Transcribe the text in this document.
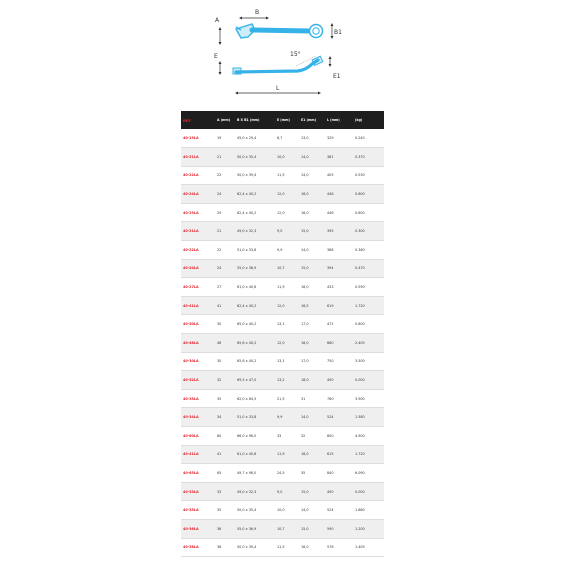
A
B
B1
E
E1
15°
L
REF	A (mm)	B X B1 (mm)	E (mm)	E1 (mm)	L (mm)	(kg)
40-19LA	19	45,0 x 29,4	8,7	13,0	329	0.240
40-21LA	21	50,0 x 35,4	10,0	14,0	381	0.370
40-22LA	22	50,0 x 39,4	11,5	14,0	405	0.530
40-24LA	24	62,4 x 40,2	12,0	16,0	446	0.600
40-29LA	29	62,4 x 40,2	12,0	16,0	446	0.600
40-21LA	21	49,0 x 32,3	9,0	15,0	395	0.300
40-22LA	22	51,0 x 33,8	9,9	14,0	368	0.360
40-24LA	24	55,0 x 36,9	10,7	15,0	394	0.470
40-27LA	27	61,0 x 40,6	11,9	16,0	433	0.590
40-41LA	41	62,4 x 40,2	12,0	16,5	619	1.720
40-30LA	30	65,0 x 40,2	13,1	17,0	472	0.800
40-46LA	46	65,6 x 40,2	12,0	16,0	680	2.405
40-30LA	30	65,6 x 40,2	13,1	17,0	750	3.500
40-32LA	32	69,5 x 47,0	13,2	18,0	490	0.000
40-35LA	35	62,0 x 64,5	21,5	31	760	3.900
40-34LA	34	51,0 x 33,8	9,9	14,0	524	1.580
40-60LA	60	66,0 x 96,0	33	32	800	4.900
40-41LA	41	61,0 x 40,6	11,9	16,0	615	1.720
40-65LA	65	49,7 x 98,0	24,5	35	840	6.090
40-33LA	33	49,0 x 32,3	9,0	15,0	490	0.000
40-35LA	35	50,0 x 35,4	10,0	14,0	524	1.680
40-36LA	36	55,0 x 36,9	10,7	15,0	590	1.200
40-38LA	38	50,0 x 39,4	11,5	16,0	576	1.405
